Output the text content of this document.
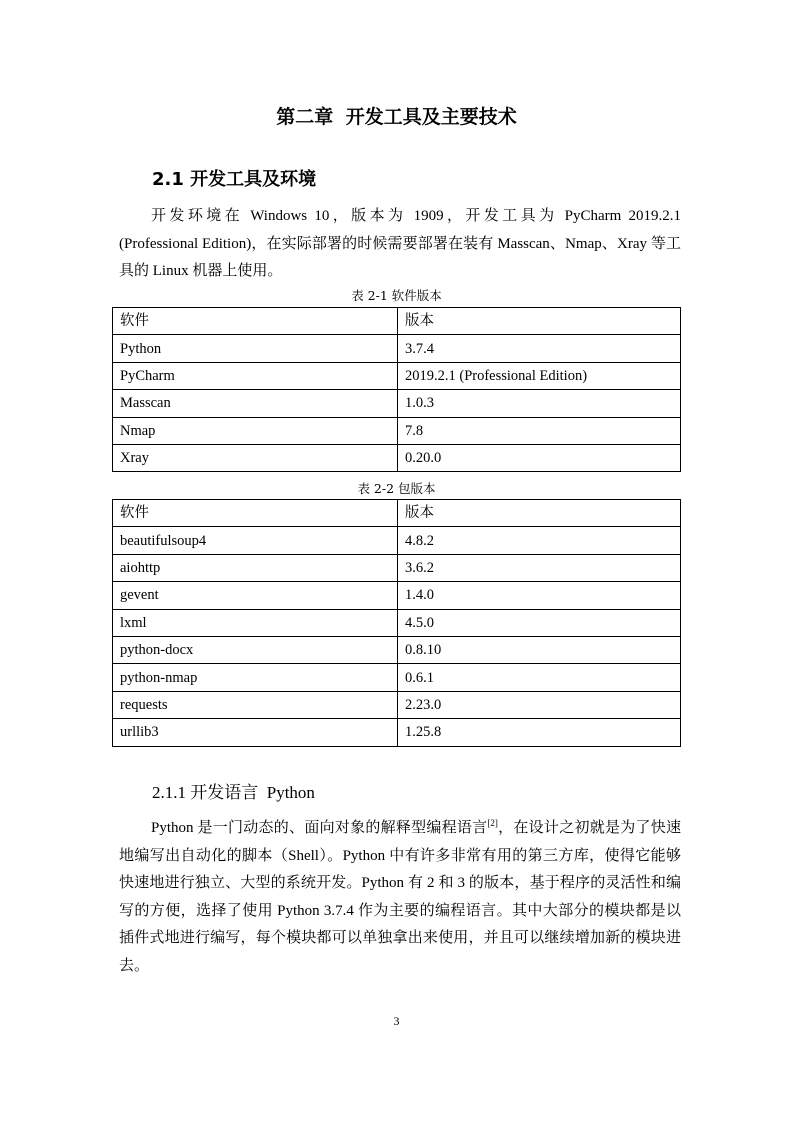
第二章 开发工具及主要技术
2.1 开发工具及环境

开发环境在 Windows 10，版本为 1909，开发工具为 PyCharm 2019.2.1 (Professional Edition)，在实际部署的时候需要部署在装有 Masscan、Nmap、Xray 等工具的 Linux 机器上使用。

表 2-1 软件版本

软件	版本
Python	3.7.4
PyCharm	2019.2.1 (Professional Edition)
Masscan	1.0.3
Nmap	7.8
Xray	0.20.0

表 2-2 包版本

软件	版本
beautifulsoup4	4.8.2
aiohttp	3.6.2
gevent	1.4.0
lxml	4.5.0
python-docx	0.8.10
python-nmap	0.6.1
requests	2.23.0
urllib3	1.25.8
2.1.1 开发语言 Python

Python 是一门动态的、面向对象的解释型编程语言[2]，在设计之初就是为了快速地编写出自动化的脚本（Shell）。Python 中有许多非常有用的第三方库，使得它能够快速地进行独立、大型的系统开发。Python 有 2 和 3 的版本，基于程序的灵活性和编写的方便，选择了使用 Python 3.7.4 作为主要的编程语言。其中大部分的模块都是以插件式地进行编写，每个模块都可以单独拿出来使用，并且可以继续增加新的模块进去。

3
